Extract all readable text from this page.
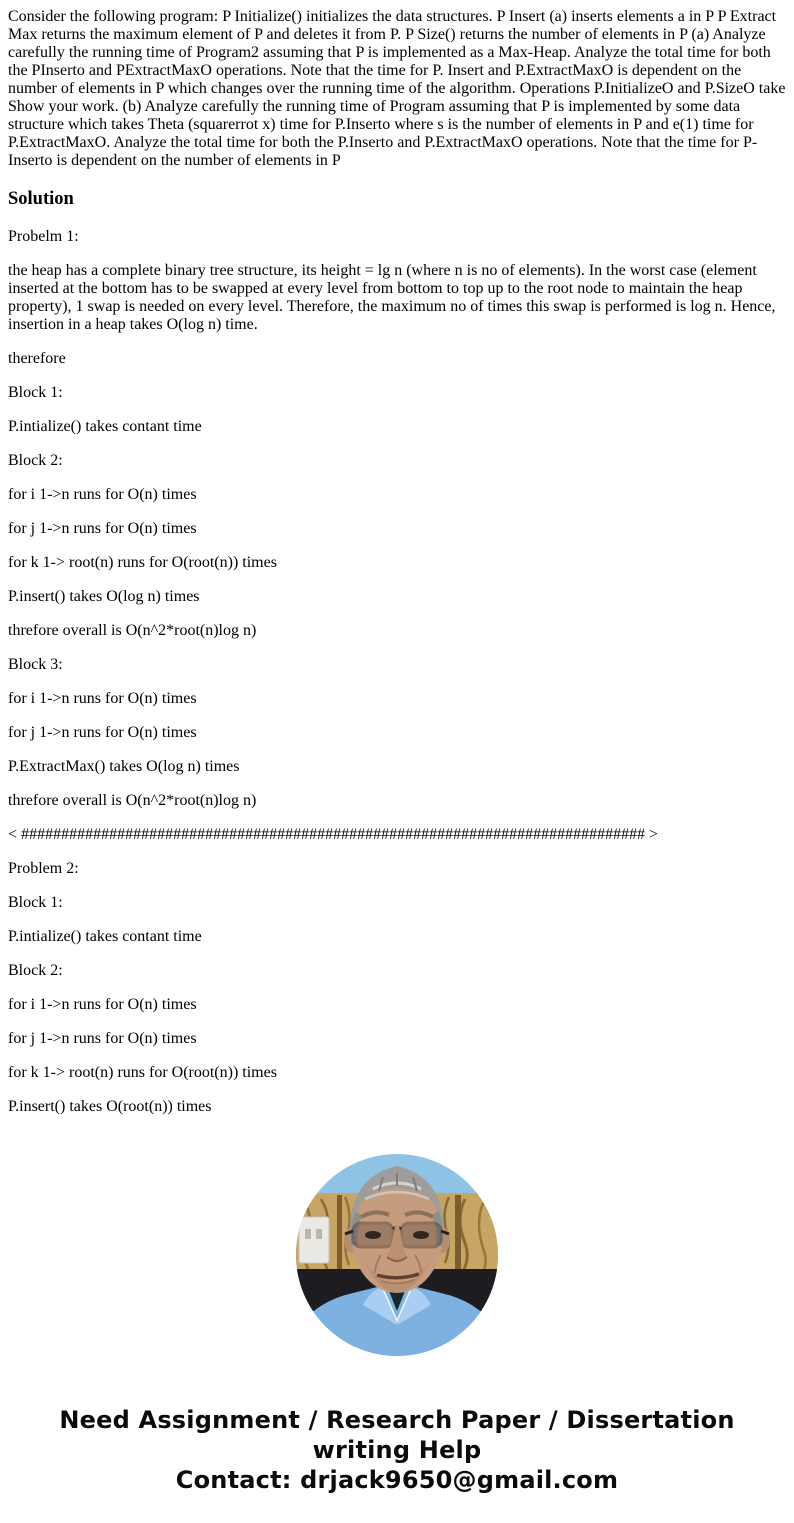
Consider the following program: P Initialize() initializes the data structures. P Insert (a) inserts elements a in P P Extract Max returns the maximum element of P and deletes it from P. P Size() returns the number of elements in P (a) Analyze carefully the running time of Program2 assuming that P is implemented as a Max-Heap. Analyze the total time for both the PInserto and PExtractMaxO operations. Note that the time for P. Insert and P.ExtractMaxO is dependent on the number of elements in P which changes over the running time of the algorithm. Operations P.InitializeO and P.SizeO take Show your work. (b) Analyze carefully the running time of Program assuming that P is implemented by some data structure which takes Theta (squarerrot x) time for P.Inserto where s is the number of elements in P and e(1) time for P.ExtractMaxO. Analyze the total time for both the P.Inserto and P.ExtractMaxO operations. Note that the time for P-Inserto is dependent on the number of elements in P

Solution

Probelm 1:

the heap has a complete binary tree structure, its height = lg n (where n is no of elements). In the worst case (element inserted at the bottom has to be swapped at every level from bottom to top up to the root node to maintain the heap property), 1 swap is needed on every level. Therefore, the maximum no of times this swap is performed is log n. Hence, insertion in a heap takes O(log n) time.

therefore

Block 1:

P.intialize() takes contant time

Block 2:

for i 1->n runs for O(n) times

for j 1->n runs for O(n) times

for k 1-> root(n) runs for O(root(n)) times

P.insert() takes O(log n) times

threfore overall is O(n^2*root(n)log n)

Block 3:

for i 1->n runs for O(n) times

for j 1->n runs for O(n) times

P.ExtractMax() takes O(log n) times

threfore overall is O(n^2*root(n)log n)

< ############################################################################## >

Problem 2:

Block 1:

P.intialize() takes contant time

Block 2:

for i 1->n runs for O(n) times

for j 1->n runs for O(n) times

for k 1-> root(n) runs for O(root(n)) times

P.insert() takes O(root(n)) times

Need Assignment / Research Paper / Dissertation
writing Help
Contact: drjack9650@gmail.com
